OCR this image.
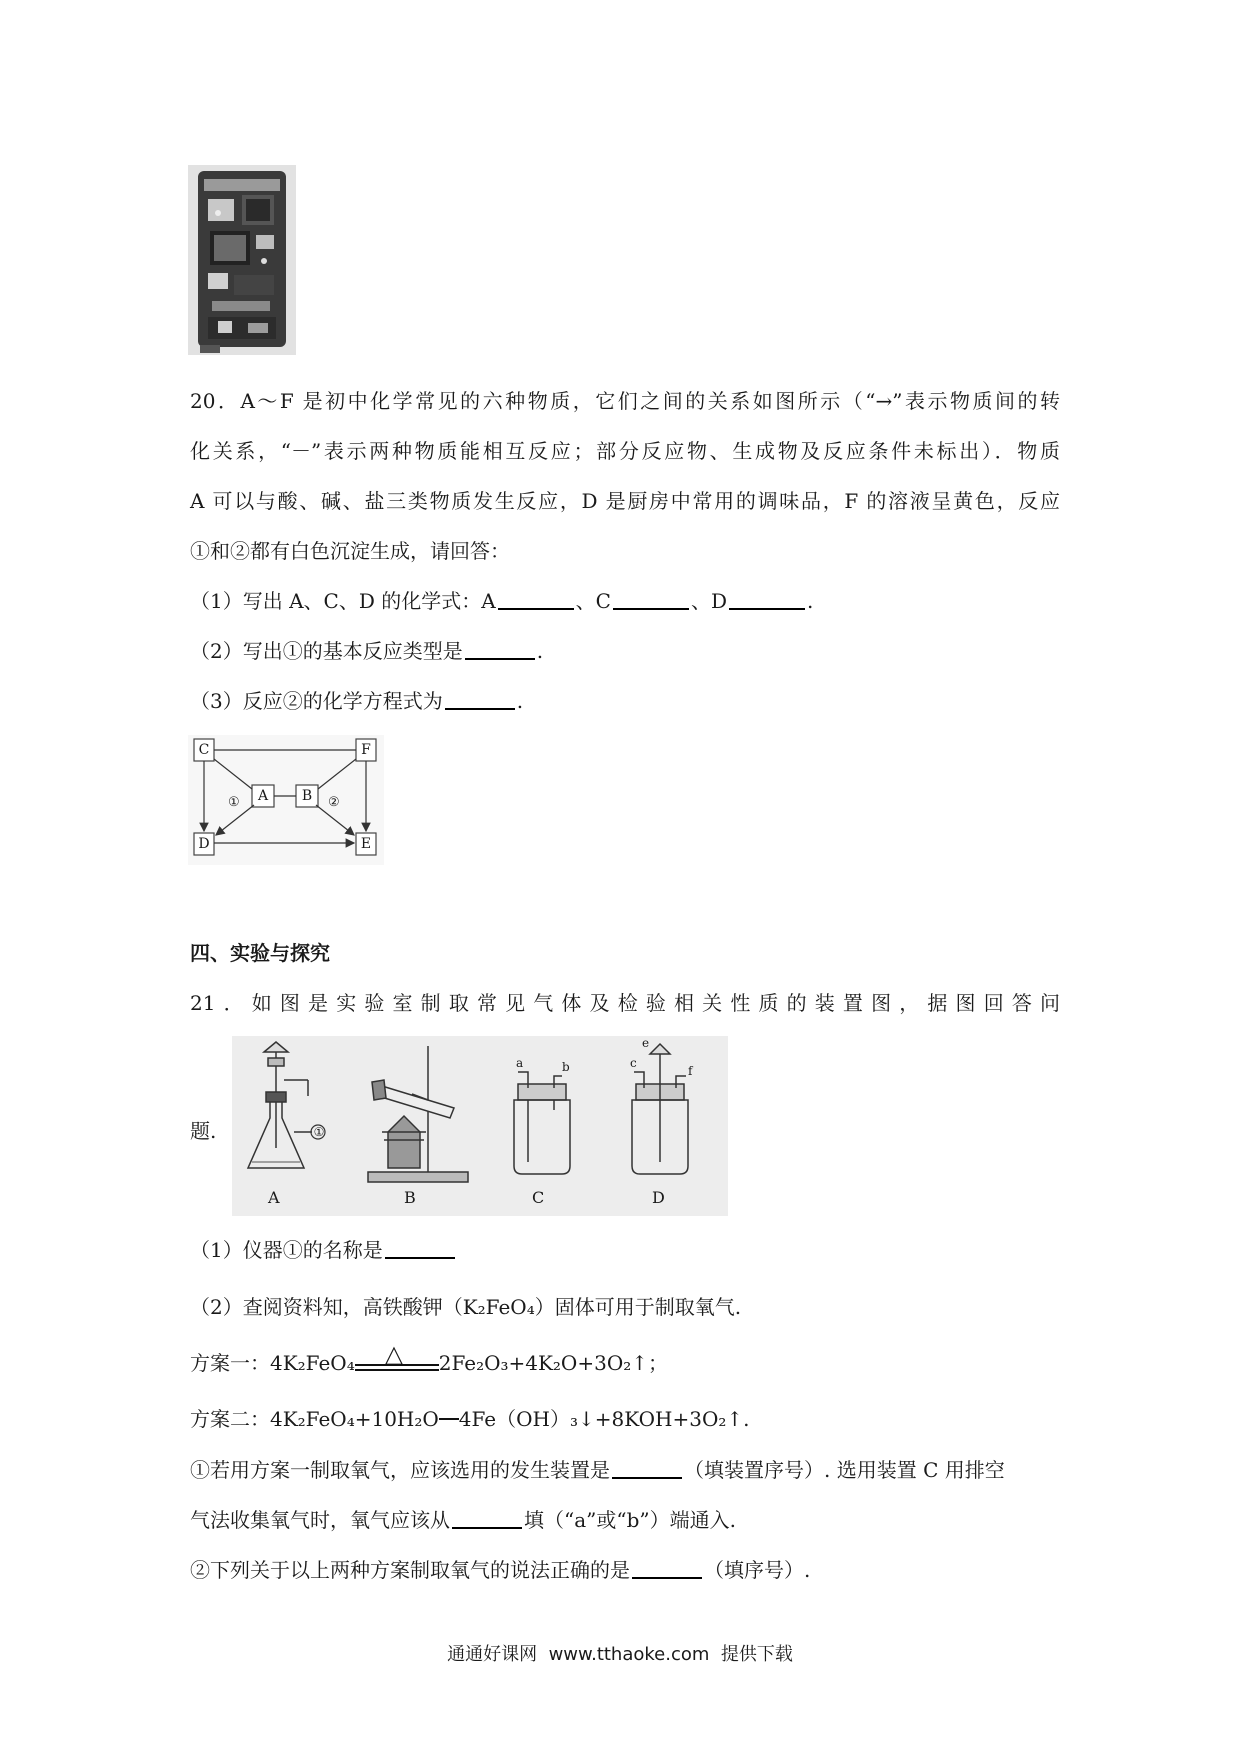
20．A～F 是初中化学常见的六种物质，它们之间的关系如图所示（“→”表示物质间的转
化关系，“－”表示两种物质能相互反应；部分反应物、生成物及反应条件未标出）．物质
A 可以与酸、碱、盐三类物质发生反应，D 是厨房中常用的调味品，F 的溶液呈黄色，反应
①和②都有白色沉淀生成，请回答：
（1）写出 A、C、D 的化学式：A	、C	、D	.
（2）写出①的基本反应类型是	.
（3）反应②的化学方程式为	.
C	F
D	E
A	B
①	②
四、实验与探究
21．如图是实验室制取常见气体及检验相关性质的装置图，据图回答问
①
A	B	C	D
a	b	c
e
f
题.
（1）仪器①的名称是
（2）查阅资料知，高铁酸钾（K₂FeO₄）固体可用于制取氧气.
方案一：4K₂FeO₄ △ 2Fe₂O₃+4K₂O+3O₂↑；
方案二：4K₂FeO₄+10H₂O 4Fe（OH）₃↓+8KOH+3O₂↑.
①若用方案一制取氧气，应该选用的发生装置是	（填装置序号）. 选用装置 C 用排空
气法收集氧气时，氧气应该从	填（“a”或“b”）端通入.
②下列关于以上两种方案制取氧气的说法正确的是	（填序号）.
通通好课网  www.tthaoke.com  提供下载
